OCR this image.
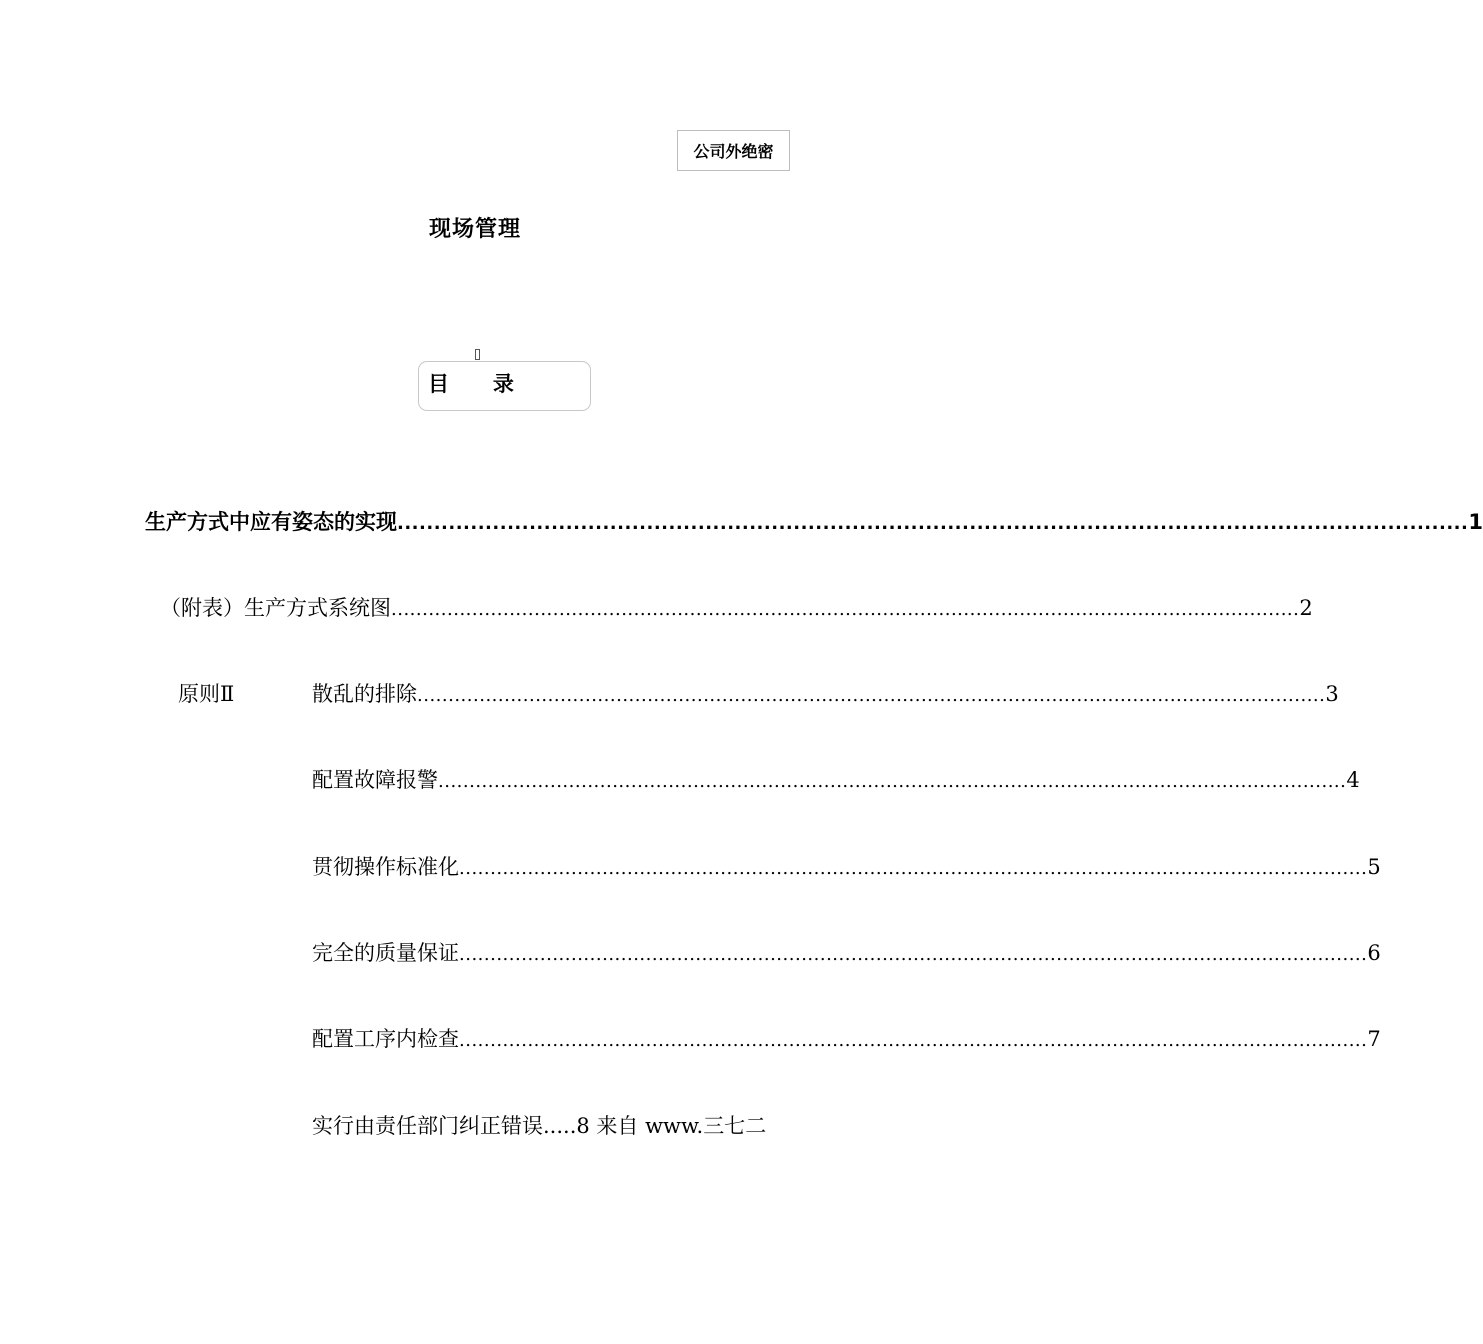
公司外绝密
现场管理
目      录
生产方式中应有姿态的实现 .................................................................................................................................................. 1
（附表）生产方式系统图 .................................................................................................................................................. 2
原则Ⅱ	散乱的排除 .................................................................................................................................................. 3
配置故障报警 .................................................................................................................................................. 4
贯彻操作标准化 .................................................................................................................................................. 5
完全的质量保证 .................................................................................................................................................. 6
配置工序内检查 .................................................................................................................................................. 7
实行由责任部门纠正错误.....8 来自 www.三七二
